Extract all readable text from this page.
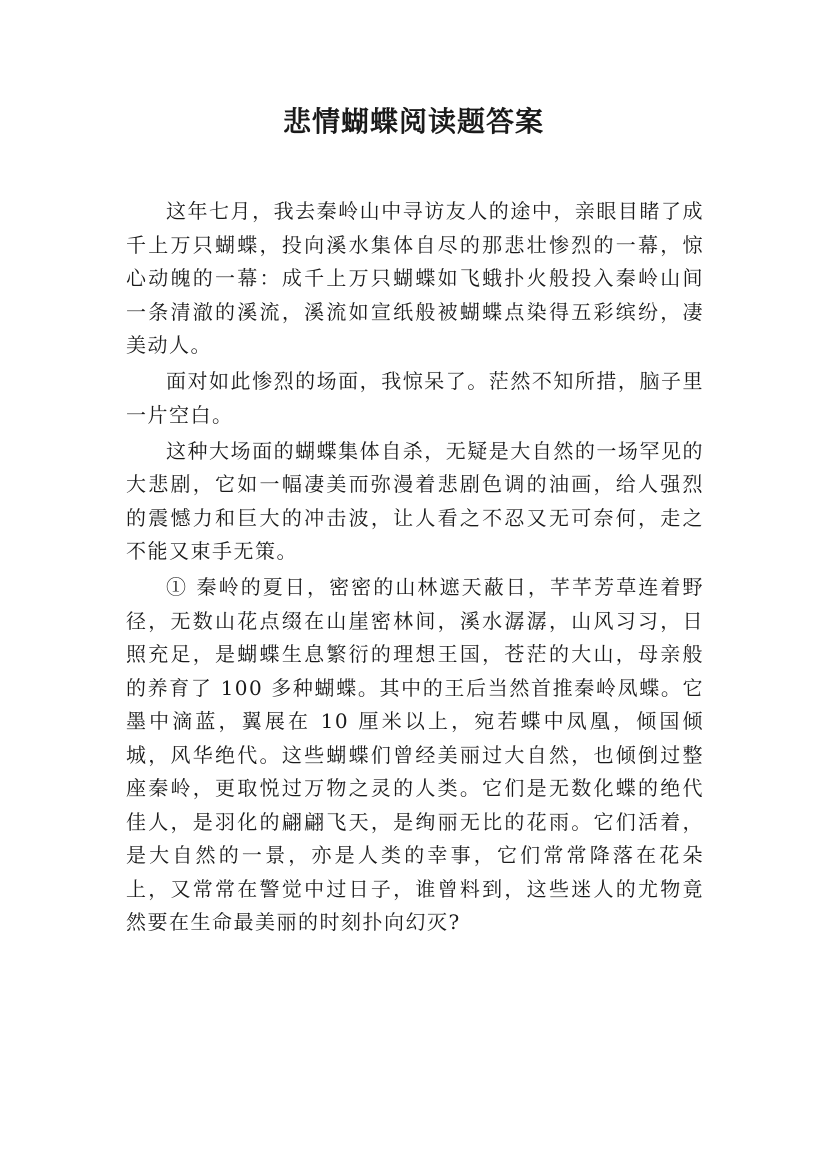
悲情蝴蝶阅读题答案

这年七月，我去秦岭山中寻访友人的途中，亲眼目睹了成千上万只蝴蝶，投向溪水集体自尽的那悲壮惨烈的一幕，惊心动魄的一幕：成千上万只蝴蝶如飞蛾扑火般投入秦岭山间一条清澈的溪流，溪流如宣纸般被蝴蝶点染得五彩缤纷，凄美动人。

面对如此惨烈的场面，我惊呆了。茫然不知所措，脑子里一片空白。

这种大场面的蝴蝶集体自杀，无疑是大自然的一场罕见的大悲剧，它如一幅凄美而弥漫着悲剧色调的油画，给人强烈的震憾力和巨大的冲击波，让人看之不忍又无可奈何，走之不能又束手无策。

① 秦岭的夏日，密密的山林遮天蔽日，芊芊芳草连着野径，无数山花点缀在山崖密林间，溪水潺潺，山风习习，日照充足，是蝴蝶生息繁衍的理想王国，苍茫的大山，母亲般的养育了 100 多种蝴蝶。其中的王后当然首推秦岭凤蝶。它墨中滴蓝，翼展在 10 厘米以上，宛若蝶中凤凰，倾国倾城，风华绝代。这些蝴蝶们曾经美丽过大自然，也倾倒过整座秦岭，更取悦过万物之灵的人类。它们是无数化蝶的绝代佳人，是羽化的翩翩飞天，是绚丽无比的花雨。它们活着，是大自然的一景，亦是人类的幸事，它们常常降落在花朵上，又常常在警觉中过日子，谁曾料到，这些迷人的尤物竟然要在生命最美丽的时刻扑向幻灭?
